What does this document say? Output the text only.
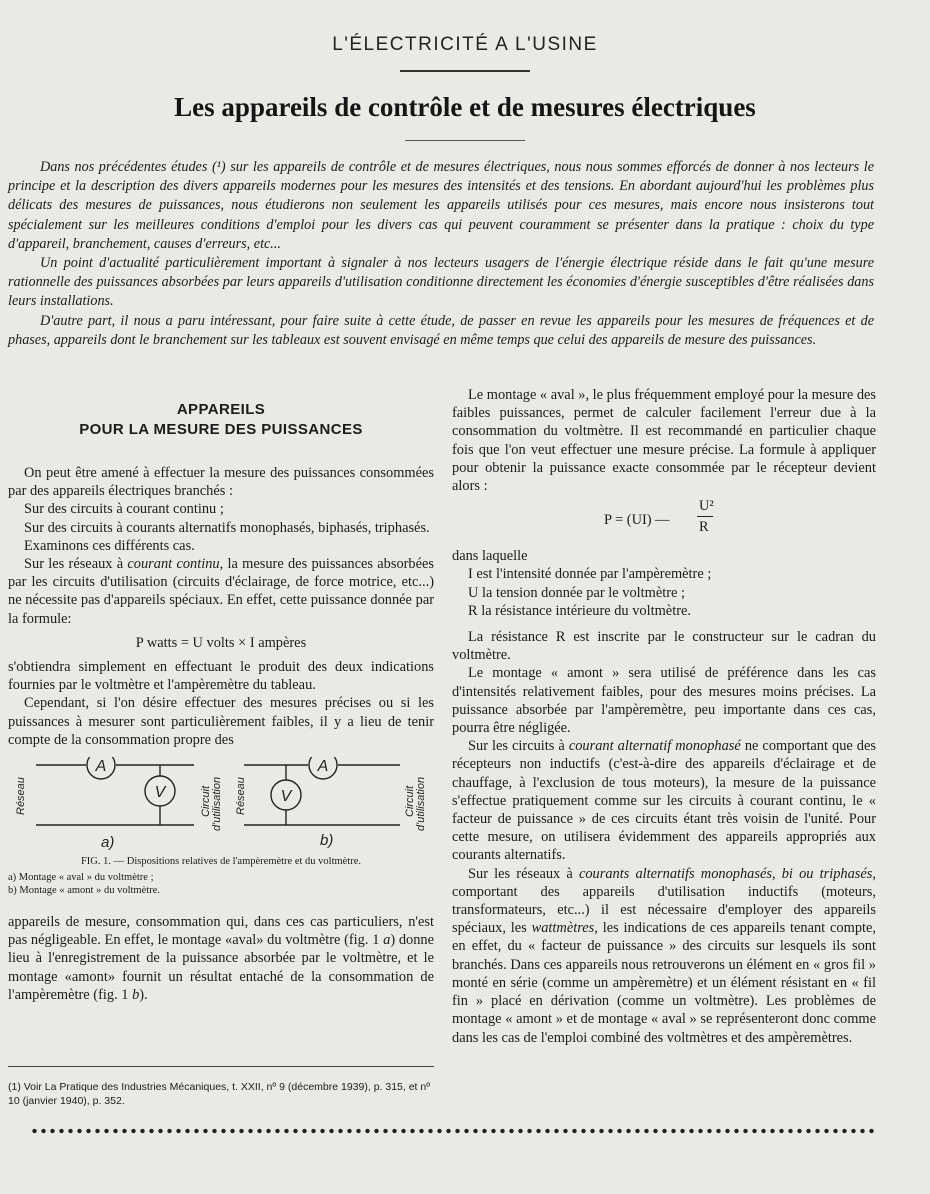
L'ÉLECTRICITÉ A L'USINE
Les appareils de contrôle et de mesures électriques

Dans nos précédentes études (¹) sur les appareils de contrôle et de mesures électriques, nous nous sommes efforcés de donner à nos lecteurs le principe et la description des divers appareils modernes pour les mesures des intensités et des tensions. En abordant aujourd'hui les problèmes plus délicats des mesures de puissances, nous étudierons non seulement les appareils utilisés pour ces mesures, mais encore nous insisterons tout spécialement sur les meilleures conditions d'emploi pour les divers cas qui peuvent couramment se présenter dans la pratique : choix du type d'appareil, branchement, causes d'erreurs, etc...

Un point d'actualité particulièrement important à signaler à nos lecteurs usagers de l'énergie électrique réside dans le fait qu'une mesure rationnelle des puissances absorbées par leurs appareils d'utilisation conditionne directement les économies d'énergie susceptibles d'être réalisées dans leurs installations.

D'autre part, il nous a paru intéressant, pour faire suite à cette étude, de passer en revue les appareils pour les mesures de fréquences et de phases, appareils dont le branchement sur les tableaux est souvent envisagé en même temps que celui des appareils de mesure des puissances.

APPAREILS
POUR LA MESURE DES PUISSANCES

On peut être amené à effectuer la mesure des puissances consommées par des appareils électriques branchés :

Sur des circuits à courant continu ;

Sur des circuits à courants alternatifs monophasés, biphasés, triphasés.

Examinons ces différents cas.

Sur les réseaux à courant continu, la mesure des puissances absorbées par les circuits d'utilisation (circuits d'éclairage, de force motrice, etc...) ne nécessite pas d'appareils spéciaux. En effet, cette puissance donnée par la formule:

P watts = U volts × I ampères

s'obtiendra simplement en effectuant le produit des deux indications fournies par le voltmètre et l'ampèremètre du tableau.

Cependant, si l'on désire effectuer des mesures précises ou si les puissances à mesurer sont particulièrement faibles, il y a lieu de tenir compte de la consommation propre des

A
V
A
V
Réseau	Réseau
Circuit d'utilisation	Circuit d'utilisation
a)	b)
FIG. 1. — Dispositions relatives de l'ampèremètre et du voltmètre.
a) Montage « aval » du voltmètre ;
b) Montage « amont » du voltmètre.

appareils de mesure, consommation qui, dans ces cas particuliers, n'est pas négligeable. En effet, le montage «aval» du voltmètre (fig. 1 a) donne lieu à l'enregistrement de la puissance absorbée par le voltmètre, et le montage «amont» fournit un résultat entaché de la consommation de l'ampèremètre (fig. 1 b).

(1) Voir La Pratique des Industries Mécaniques, t. XXII, nº 9 (décembre 1939), p. 315, et nº 10 (janvier 1940), p. 352.

Le montage « aval », le plus fréquemment employé pour la mesure des faibles puissances, permet de calculer facilement l'erreur due à la consommation du voltmètre. Il est recommandé en particulier chaque fois que l'on veut effectuer une mesure précise. La formule à appliquer pour obtenir la puissance exacte consommée par le récepteur devient alors :

P = (UI) —
U²
R

dans laquelle

I est l'intensité donnée par l'ampèremètre ;

U la tension donnée par le voltmètre ;

R la résistance intérieure du voltmètre.

La résistance R est inscrite par le constructeur sur le cadran du voltmètre.

Le montage « amont » sera utilisé de préférence dans les cas d'intensités relativement faibles, pour des mesures moins précises. La puissance absorbée par l'ampèremètre, peu importante dans ces cas, pourra être négligée.

Sur les circuits à courant alternatif monophasé ne comportant que des récepteurs non inductifs (c'est-à-dire des appareils d'éclairage et de chauffage, à l'exclusion de tous moteurs), la mesure de la puissance s'effectue pratiquement comme sur les circuits à courant continu, le « facteur de puissance » de ces circuits étant très voisin de l'unité. Pour cette mesure, on utilisera évidemment des appareils appropriés aux courants alternatifs.

Sur les réseaux à courants alternatifs monophasés, bi ou triphasés, comportant des appareils d'utilisation inductifs (moteurs, transformateurs, etc...) il est nécessaire d'employer des appareils spéciaux, les wattmètres, les indications de ces appareils tenant compte, en effet, du « facteur de puissance » des circuits sur lesquels ils sont branchés. Dans ces appareils nous retrouverons un élément en « gros fil » monté en série (comme un ampèremètre) et un élément résistant en « fil fin » placé en dérivation (comme un voltmètre). Les problèmes de montage « amont » et de montage « aval » se représenteront donc comme dans les cas de l'emploi combiné des voltmètres et des ampèremètres.
